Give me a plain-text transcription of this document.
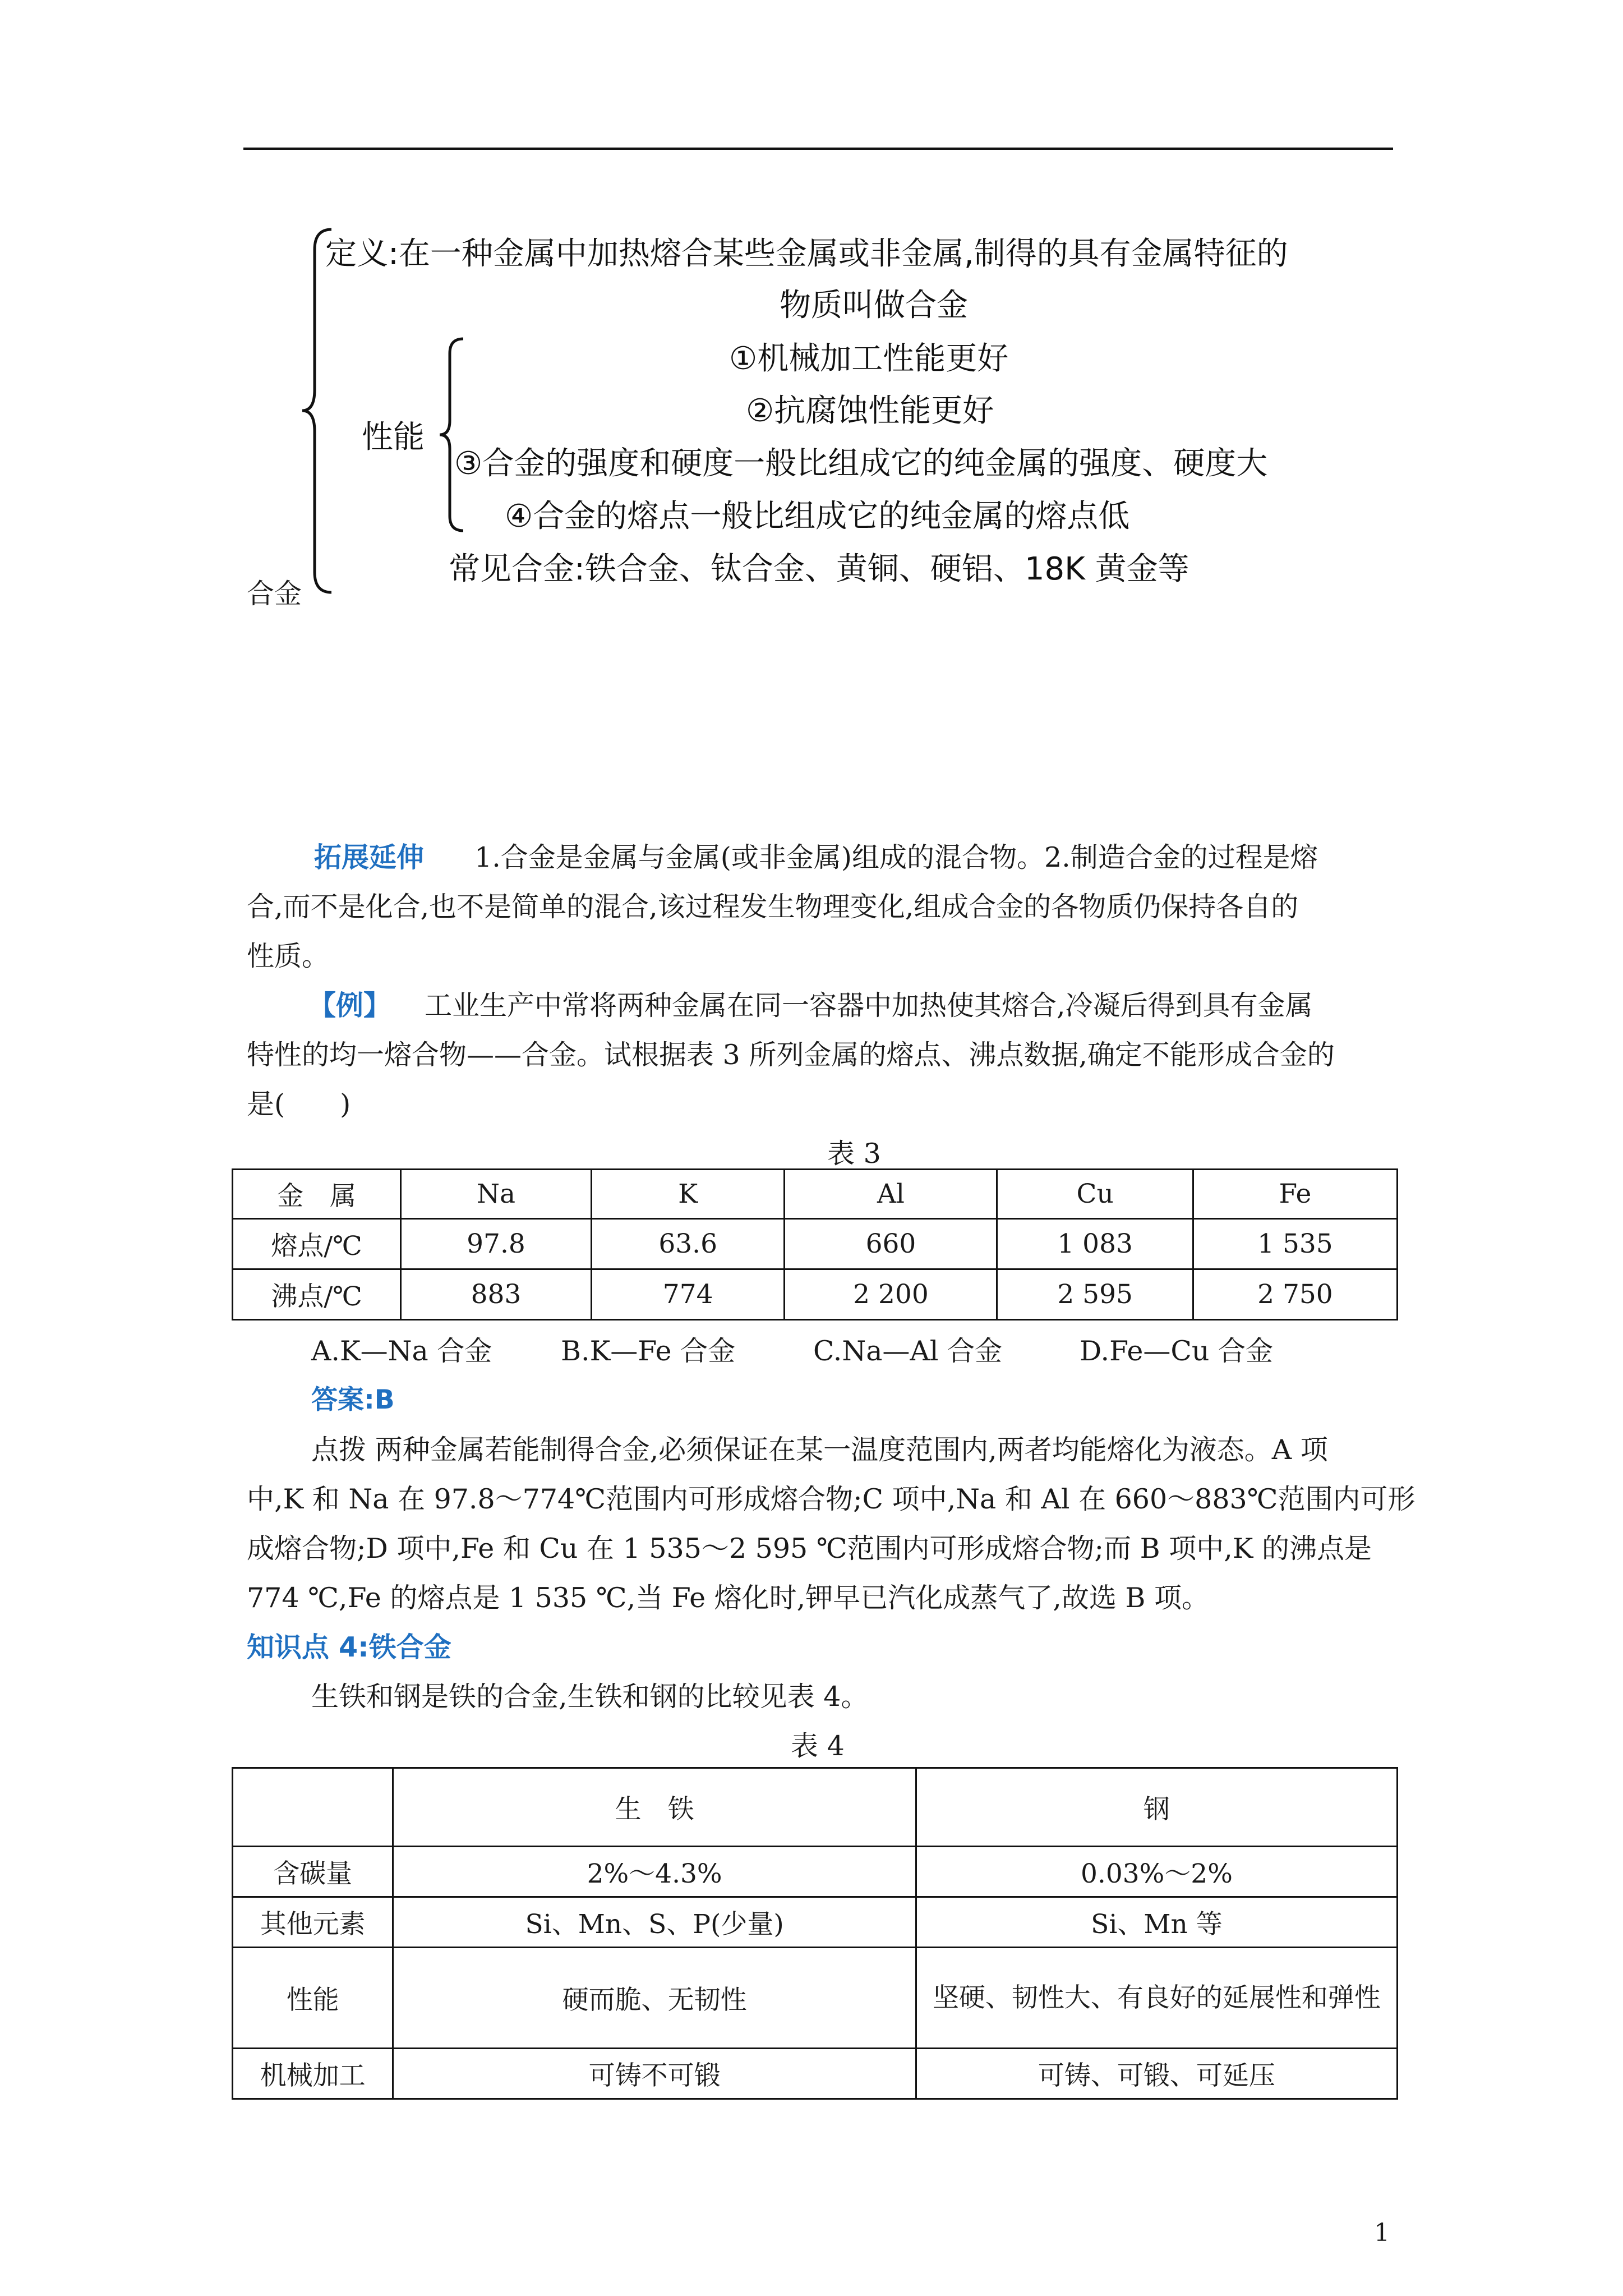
定义:在一种金属中加热熔合某些金属或非金属,制得的具有金属特征的
物质叫做合金
性能
①机械加工性能更好
②抗腐蚀性能更好
③合金的强度和硬度一般比组成它的纯金属的强度、硬度大
④合金的熔点一般比组成它的纯金属的熔点低
常见合金:铁合金、钛合金、黄铜、硬铝、18K 黄金等
合金
拓展延伸 1.合金是金属与金属(或非金属)组成的混合物。2.制造合金的过程是熔
合,而不是化合,也不是简单的混合,该过程发生物理变化,组成合金的各物质仍保持各自的
性质。
【例】 工业生产中常将两种金属在同一容器中加热使其熔合,冷凝后得到具有金属
特性的均一熔合物——合金。试根据表 3 所列金属的熔点、沸点数据,确定不能形成合金的
是(　　)
表 3
金　属	Na	K	Al	Cu	Fe
熔点/℃	97.8	63.6	660	1 083	1 535
沸点/℃	883	774	2 200	2 595	2 750
A.K—Na 合金	B.K—Fe 合金	C.Na—Al 合金	D.Fe—Cu 合金
答案:B
点拨 两种金属若能制得合金,必须保证在某一温度范围内,两者均能熔化为液态。A 项
中,K 和 Na 在 97.8～774℃范围内可形成熔合物;C 项中,Na 和 Al 在 660～883℃范围内可形
成熔合物;D 项中,Fe 和 Cu 在 1 535～2 595 ℃范围内可形成熔合物;而 B 项中,K 的沸点是
774 ℃,Fe 的熔点是 1 535 ℃,当 Fe 熔化时,钾早已汽化成蒸气了,故选 B 项。
知识点 4:铁合金
生铁和钢是铁的合金,生铁和钢的比较见表 4。
表 4
	生　铁	钢
含碳量	2%～4.3%	0.03%～2%
其他元素	Si、Mn、S、P(少量)	Si、Mn 等
性能	硬而脆、无韧性	坚硬、韧性大、有良好的延展性和弹性
机械加工	可铸不可锻	可铸、可锻、可延压
1
